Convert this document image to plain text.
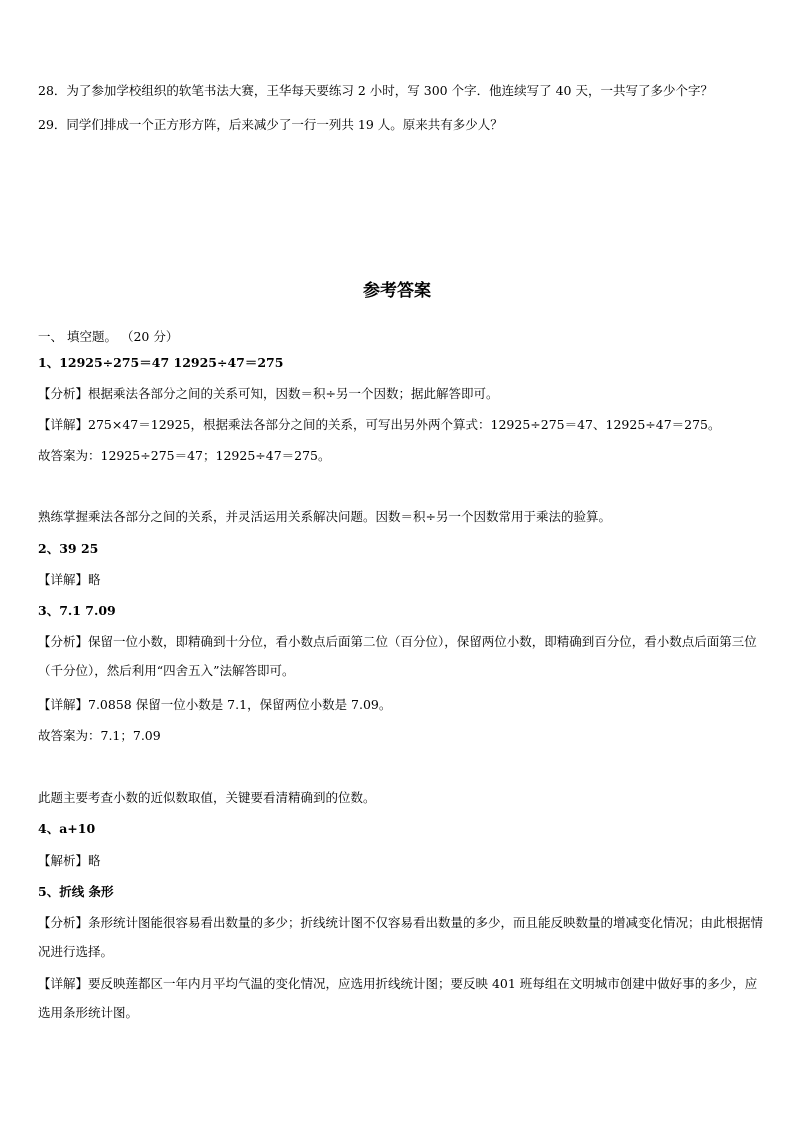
28．为了参加学校组织的软笔书法大赛，王华每天要练习 2 小时，写 300 个字．他连续写了 40 天，一共写了多少个字？
29．同学们排成一个正方形方阵，后来减少了一行一列共 19 人。原来共有多少人？
参考答案
一、 填空题。 （20 分）
1、12925÷275＝47 12925÷47＝275
【分析】根据乘法各部分之间的关系可知，因数＝积÷另一个因数；据此解答即可。
【详解】275×47＝12925，根据乘法各部分之间的关系，可写出另外两个算式：12925÷275＝47、12925÷47＝275。
故答案为：12925÷275＝47；12925÷47＝275。
熟练掌握乘法各部分之间的关系，并灵活运用关系解决问题。因数＝积÷另一个因数常用于乘法的验算。
2、39 25
【详解】略
3、7.1 7.09
【分析】保留一位小数，即精确到十分位，看小数点后面第二位（百分位），保留两位小数，即精确到百分位，看小数点后面第三位（千分位），然后利用“四舍五入”法解答即可。
【详解】7.0858 保留一位小数是 7.1，保留两位小数是 7.09。
故答案为：7.1；7.09
此题主要考查小数的近似数取值，关键要看清精确到的位数。
4、a+10
【解析】略
5、折线 条形
【分析】条形统计图能很容易看出数量的多少；折线统计图不仅容易看出数量的多少，而且能反映数量的增减变化情况；由此根据情况进行选择。
【详解】要反映莲都区一年内月平均气温的变化情况，应选用折线统计图；要反映 401 班每组在文明城市创建中做好事的多少，应选用条形统计图。
